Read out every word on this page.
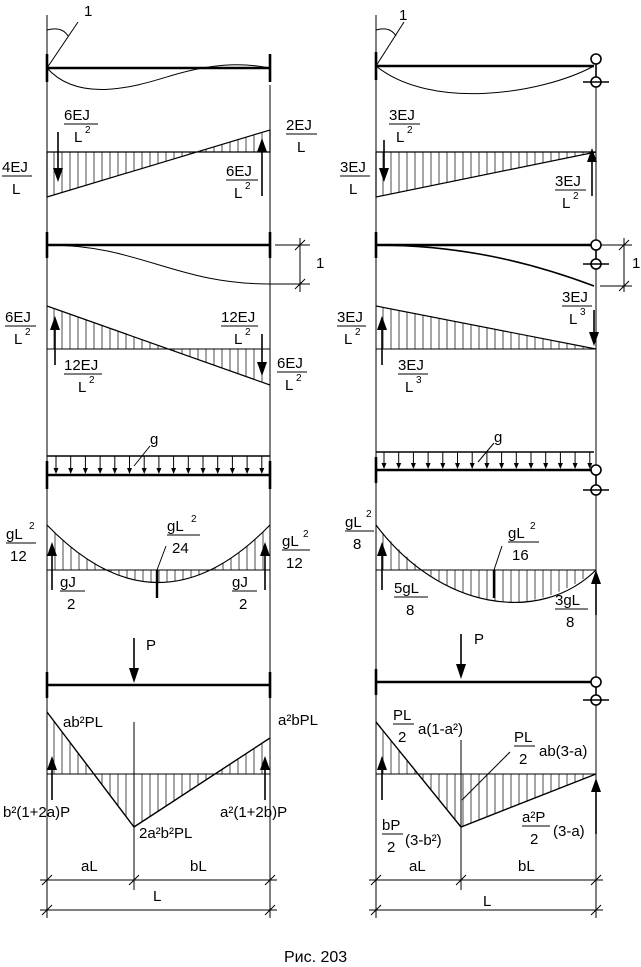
1
6EJ
L 2	2EJ
L
4EJ
L
6EJ
L 2
1
6EJ
L 2
12EJ
L 2
12EJ
L 2
6EJ
L 2
g
gL
12
2	gL
24
2
gL
12
2
gJ
2
gJ
2
P
ab²PL	a²bPL
b²(1+2a)P	a²(1+2b)P
2a²b²PL
aL	bL
L
1
3EJ
L 2
3EJ
L	3EJ
L 2
1
3EJ
L 2
3EJ
L 3
3EJ
L 3
g
gL
8
2
gL
16
2
5gL
8
3gL
8
P
PL
2 a(1-a²)	PL
2 ab(3-a)
bP
2 (3-b²)
a²P
2 (3-a)
aL	bL
L
Рис. 203
